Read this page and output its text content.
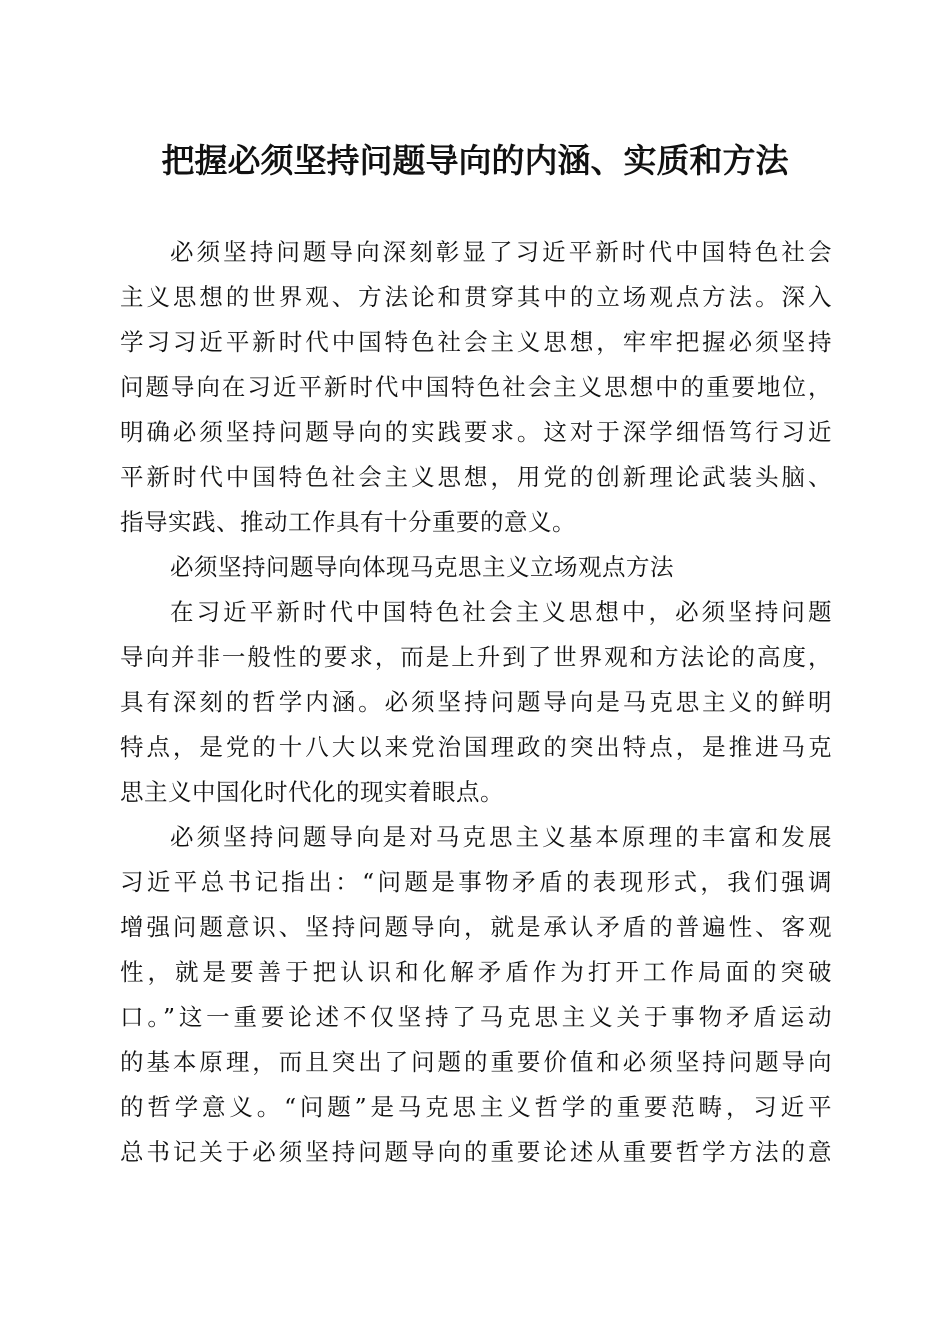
把握必须坚持问题导向的内涵、实质和方法
必须坚持问题导向深刻彰显了习近平新时代中国特色社会
主义思想的世界观、方法论和贯穿其中的立场观点方法。深入
学习习近平新时代中国特色社会主义思想，牢牢把握必须坚持
问题导向在习近平新时代中国特色社会主义思想中的重要地位，
明确必须坚持问题导向的实践要求。这对于深学细悟笃行习近
平新时代中国特色社会主义思想，用党的创新理论武装头脑、
指导实践、推动工作具有十分重要的意义。
必须坚持问题导向体现马克思主义立场观点方法
在习近平新时代中国特色社会主义思想中，必须坚持问题
导向并非一般性的要求，而是上升到了世界观和方法论的高度，
具有深刻的哲学内涵。必须坚持问题导向是马克思主义的鲜明
特点，是党的十八大以来党治国理政的突出特点，是推进马克
思主义中国化时代化的现实着眼点。
必须坚持问题导向是对马克思主义基本原理的丰富和发展
习近平总书记指出：“问题是事物矛盾的表现形式，我们强调
增强问题意识、坚持问题导向，就是承认矛盾的普遍性、客观
性，就是要善于把认识和化解矛盾作为打开工作局面的突破
口。”这一重要论述不仅坚持了马克思主义关于事物矛盾运动
的基本原理，而且突出了问题的重要价值和必须坚持问题导向
的哲学意义。“问题”是马克思主义哲学的重要范畴，习近平
总书记关于必须坚持问题导向的重要论述从重要哲学方法的意
